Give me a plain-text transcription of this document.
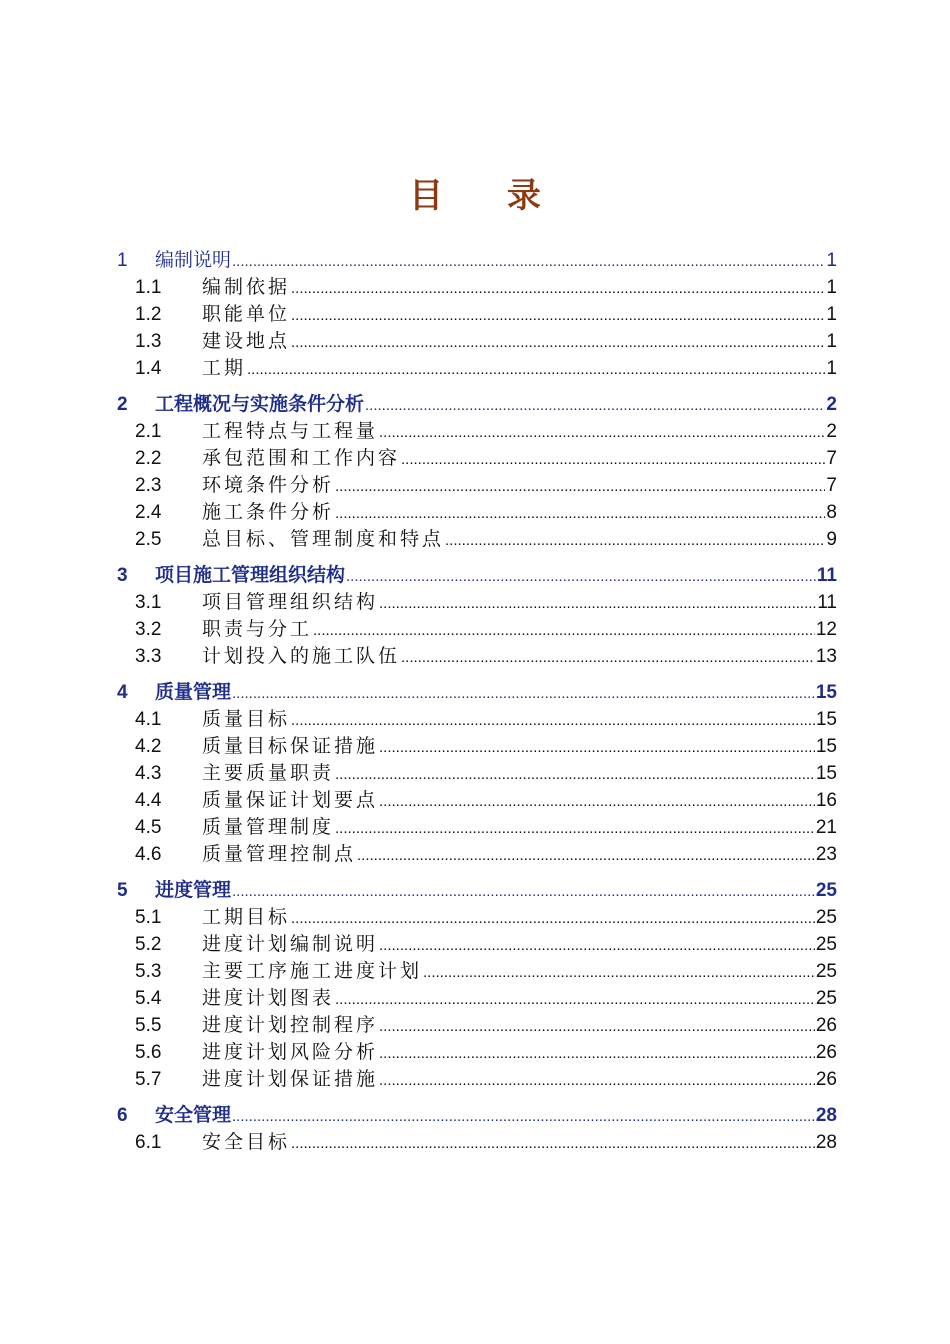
目 录
1	编制说明 .....	1
1.1	编制依据 .....	1
1.2	职能单位 .....	1
1.3	建设地点 .....	1
1.4	工期 .....	1
2	工程概况与实施条件分析 .....	2
2.1	工程特点与工程量 .....	2
2.2	承包范围和工作内容 .....	7
2.3	环境条件分析 .....	7
2.4	施工条件分析 .....	8
2.5	总目标、管理制度和特点 .....	9
3	项目施工管理组织结构 .....	11
3.1	项目管理组织结构 .....	11
3.2	职责与分工 .....	12
3.3	计划投入的施工队伍 .....	13
4	质量管理 .....	15
4.1	质量目标 .....	15
4.2	质量目标保证措施 .....	15
4.3	主要质量职责 .....	15
4.4	质量保证计划要点 .....	16
4.5	质量管理制度 .....	21
4.6	质量管理控制点 .....	23
5	进度管理 .....	25
5.1	工期目标 .....	25
5.2	进度计划编制说明 .....	25
5.3	主要工序施工进度计划 .....	25
5.4	进度计划图表 .....	25
5.5	进度计划控制程序 .....	26
5.6	进度计划风险分析 .....	26
5.7	进度计划保证措施 .....	26
6	安全管理 .....	28
6.1	安全目标 .....	28
